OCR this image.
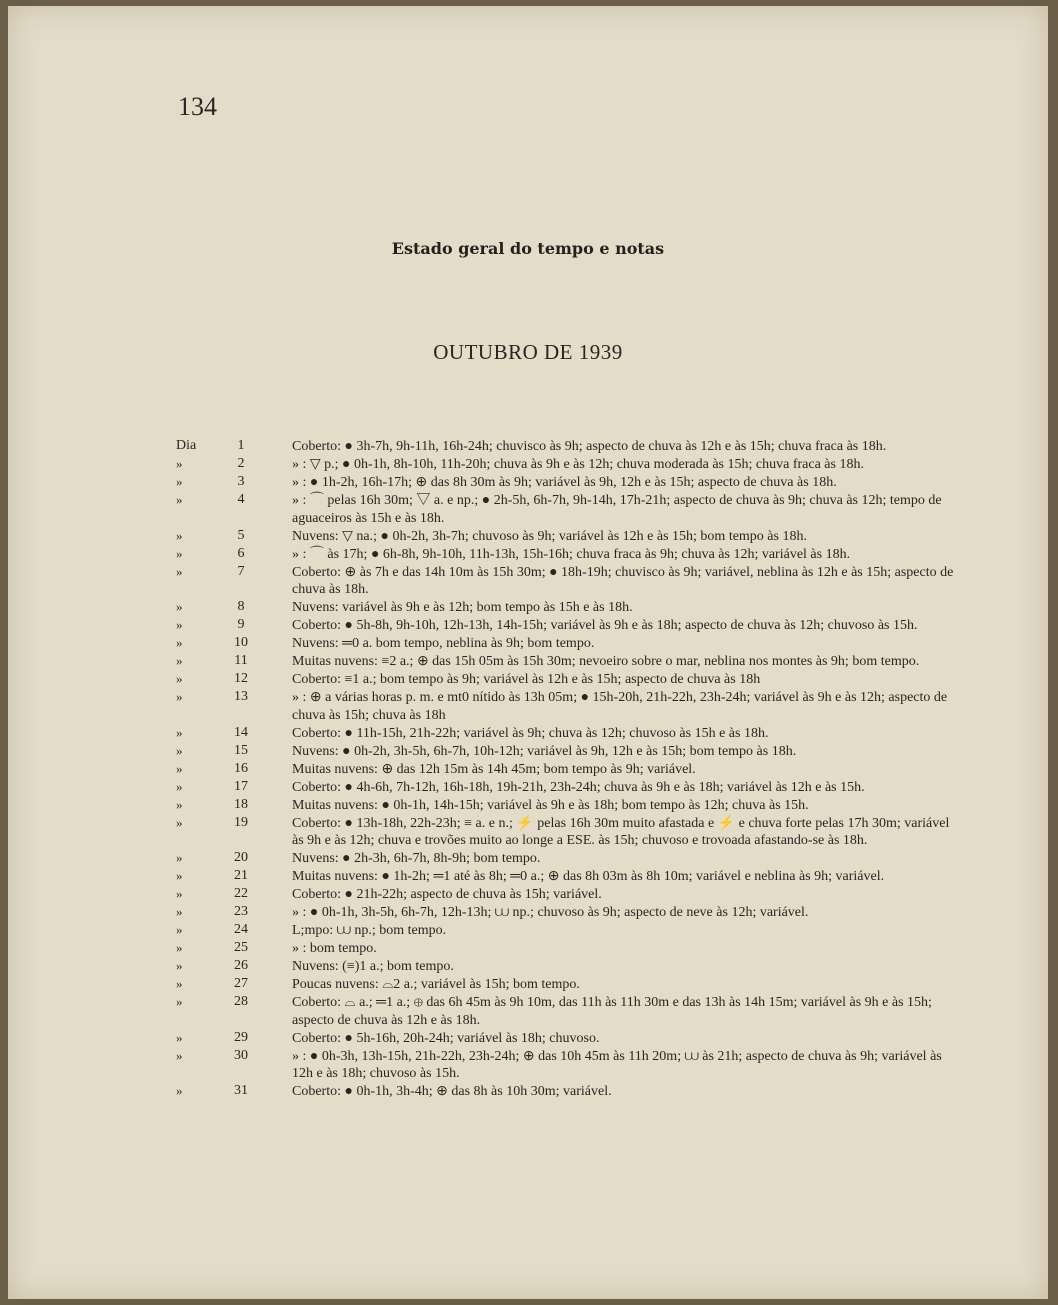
134
Estado geral do tempo e notas
OUTUBRO DE 1939
Dia	1	Coberto: ● 3h-7h, 9h-11h, 16h-24h; chuvisco às 9h; aspecto de chuva às 12h e às 15h; chuva fraca às 18h.
»	2	» : ▽ p.; ● 0h-1h, 8h-10h, 11h-20h; chuva às 9h e às 12h; chuva moderada às 15h; chuva fraca às 18h.
»	3	» : ● 1h-2h, 16h-17h; ⊕ das 8h 30m às 9h; variável às 9h, 12h e às 15h; aspecto de chuva às 18h.
»	4	» : ⌒ pelas 16h 30m; ▽ a. e np.; ● 2h-5h, 6h-7h, 9h-14h, 17h-21h; aspecto de chuva às 9h; chuva às 12h; tempo de aguaceiros às 15h e às 18h.
»	5	Nuvens: ▽ na.; ● 0h-2h, 3h-7h; chuvoso às 9h; variável às 12h e às 15h; bom tempo às 18h.
»	6	» : ⌒ às 17h; ● 6h-8h, 9h-10h, 11h-13h, 15h-16h; chuva fraca às 9h; chuva às 12h; variável às 18h.
»	7	Coberto: ⊕ às 7h e das 14h 10m às 15h 30m; ● 18h-19h; chuvisco às 9h; variável, neblina às 12h e às 15h; aspecto de chuva às 18h.
»	8	Nuvens: variável às 9h e às 12h; bom tempo às 15h e às 18h.
»	9	Coberto: ● 5h-8h, 9h-10h, 12h-13h, 14h-15h; variável às 9h e às 18h; aspecto de chuva às 12h; chuvoso às 15h.
»	10	Nuvens: ═0 a. bom tempo, neblina às 9h; bom tempo.
»	11	Muitas nuvens: ≡2 a.; ⊕ das 15h 05m às 15h 30m; nevoeiro sobre o mar, neblina nos montes às 9h; bom tempo.
»	12	Coberto: ≡1 a.; bom tempo às 9h; variável às 12h e às 15h; aspecto de chuva às 18h
»	13	» : ⊕ a várias horas p. m. e mt0 nítido às 13h 05m; ● 15h-20h, 21h-22h, 23h-24h; variável às 9h e às 12h; aspecto de chuva às 15h; chuva às 18h
»	14	Coberto: ● 11h-15h, 21h-22h; variável às 9h; chuva às 12h; chuvoso às 15h e às 18h.
»	15	Nuvens: ● 0h-2h, 3h-5h, 6h-7h, 10h-12h; variável às 9h, 12h e às 15h; bom tempo às 18h.
»	16	Muitas nuvens: ⊕ das 12h 15m às 14h 45m; bom tempo às 9h; variável.
»	17	Coberto: ● 4h-6h, 7h-12h, 16h-18h, 19h-21h, 23h-24h; chuva às 9h e às 18h; variável às 12h e às 15h.
»	18	Muitas nuvens: ● 0h-1h, 14h-15h; variável às 9h e às 18h; bom tempo às 12h; chuva às 15h.
»	19	Coberto: ● 13h-18h, 22h-23h; ≡ a. e n.; ⚡ pelas 16h 30m muito afastada e ⚡ e chuva forte pelas 17h 30m; variável às 9h e às 12h; chuva e trovões muito ao longe a ESE. às 15h; chuvoso e trovoada afastando-se às 18h.
»	20	Nuvens: ● 2h-3h, 6h-7h, 8h-9h; bom tempo.
»	21	Muitas nuvens: ● 1h-2h; ═1 até às 8h; ═0 a.; ⊕ das 8h 03m às 8h 10m; variável e neblina às 9h; variável.
»	22	Coberto: ● 21h-22h; aspecto de chuva às 15h; variável.
»	23	» : ● 0h-1h, 3h-5h, 6h-7h, 12h-13h; ⩊ np.; chuvoso às 9h; aspecto de neve às 12h; variável.
»	24	L;mpo: ⩊ np.; bom tempo.
»	25	» : bom tempo.
»	26	Nuvens: (≡)1 a.; bom tempo.
»	27	Poucas nuvens: ⌓2 a.; variável às 15h; bom tempo.
»	28	Coberto: ⌓ a.; ═1 a.; ⊕ das 6h 45m às 9h 10m, das 11h às 11h 30m e das 13h às 14h 15m; variável às 9h e às 15h; aspecto de chuva às 12h e às 18h.
»	29	Coberto: ● 5h-16h, 20h-24h; variável às 18h; chuvoso.
»	30	» : ● 0h-3h, 13h-15h, 21h-22h, 23h-24h; ⊕ das 10h 45m às 11h 20m; ⩊ às 21h; aspecto de chuva às 9h; variável às 12h e às 18h; chuvoso às 15h.
»	31	Coberto: ● 0h-1h, 3h-4h; ⊕ das 8h às 10h 30m; variável.
